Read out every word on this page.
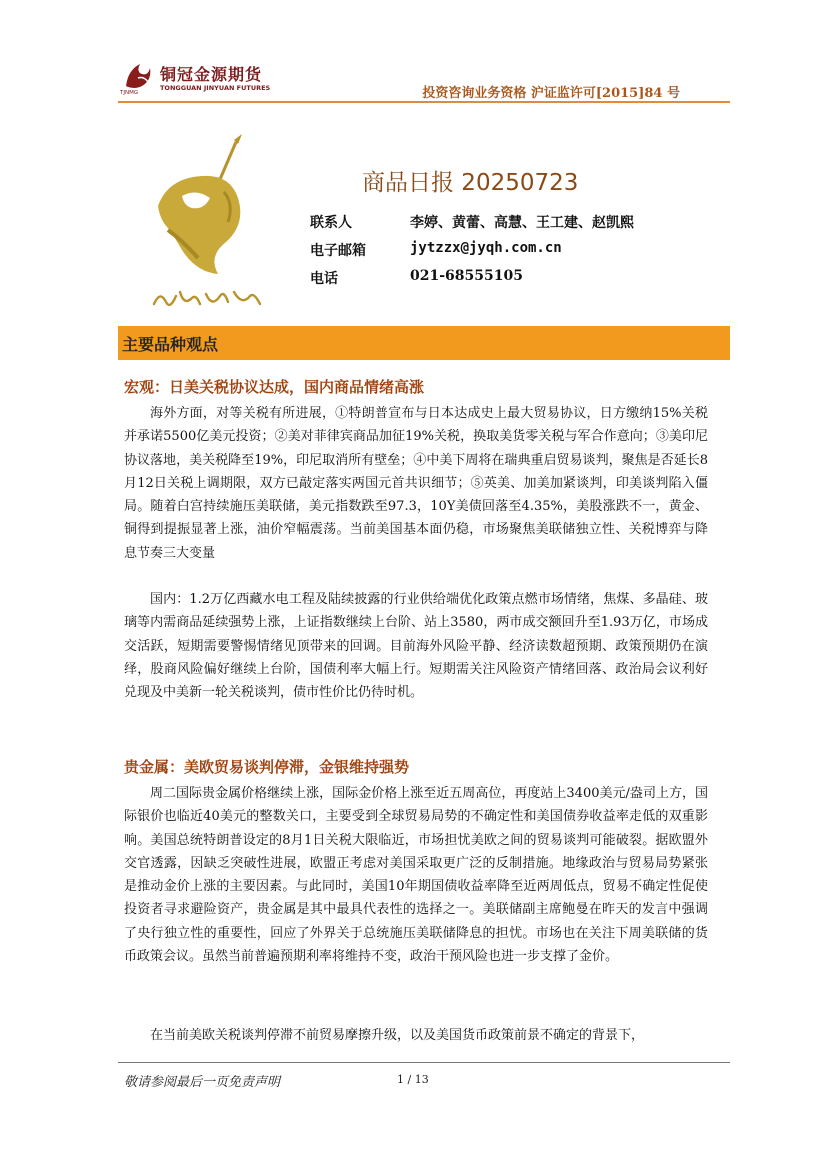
TJNMG
铜冠金源期货
TONGGUAN JINYUAN FUTURES	投资咨询业务资格 沪证监许可[2015]84 号
商品日报 20250723
联系人	李婷、黄蕾、高慧、王工建、赵凯熙
电子邮箱	jytzzx@jyqh.com.cn
电话	021-68555105
主要品种观点
宏观：日美关税协议达成，国内商品情绪高涨
海外方面，对等关税有所进展，①特朗普宣布与日本达成史上最大贸易协议，日方缴纳15%关税并承诺5500亿美元投资；②美对菲律宾商品加征19%关税，换取美货零关税与军合作意向；③美印尼协议落地，美关税降至19%，印尼取消所有壁垒；④中美下周将在瑞典重启贸易谈判，聚焦是否延长8月12日关税上调期限，双方已敲定落实两国元首共识细节；⑤英美、加美加紧谈判，印美谈判陷入僵局。随着白宫持续施压美联储，美元指数跌至97.3，10Y美债回落至4.35%，美股涨跌不一，黄金、铜得到提振显著上涨，油价窄幅震荡。当前美国基本面仍稳，市场聚焦美联储独立性、关税博弈与降息节奏三大变量
国内：1.2万亿西藏水电工程及陆续披露的行业供给端优化政策点燃市场情绪，焦煤、多晶硅、玻璃等内需商品延续强势上涨，上证指数继续上台阶、站上3580，两市成交额回升至1.93万亿，市场成交活跃，短期需要警惕情绪见顶带来的回调。目前海外风险平静、经济读数超预期、政策预期仍在演绎，股商风险偏好继续上台阶，国债利率大幅上行。短期需关注风险资产情绪回落、政治局会议利好兑现及中美新一轮关税谈判，债市性价比仍待时机。
贵金属：美欧贸易谈判停滞，金银维持强势
周二国际贵金属价格继续上涨，国际金价格上涨至近五周高位，再度站上3400美元/盎司上方，国际银价也临近40美元的整数关口，主要受到全球贸易局势的不确定性和美国债券收益率走低的双重影响。美国总统特朗普设定的8月1日关税大限临近，市场担忧美欧之间的贸易谈判可能破裂。据欧盟外交官透露，因缺乏突破性进展，欧盟正考虑对美国采取更广泛的反制措施。地缘政治与贸易局势紧张是推动金价上涨的主要因素。与此同时，美国10年期国债收益率降至近两周低点，贸易不确定性促使投资者寻求避险资产，贵金属是其中最具代表性的选择之一。美联储副主席鲍曼在昨天的发言中强调了央行独立性的重要性，回应了外界关于总统施压美联储降息的担忧。市场也在关注下周美联储的货币政策会议。虽然当前普遍预期利率将维持不变，政治干预风险也进一步支撑了金价。
在当前美欧关税谈判停滞不前贸易摩擦升级，以及美国货币政策前景不确定的背景下，
敬请参阅最后一页免责声明	1 / 13
